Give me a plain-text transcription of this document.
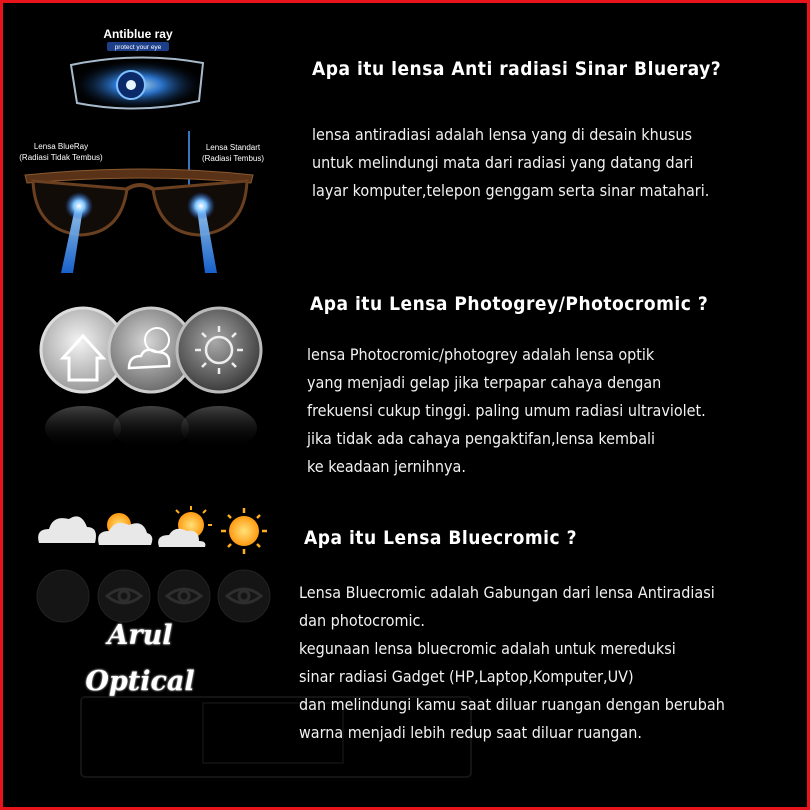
Antiblue ray
protect your eye
Lensa BlueRay
(Radiasi Tidak Tembus)
Lensa Standart
(Radiasi Tembus)
Apa itu lensa Anti radiasi Sinar Blueray?
lensa antiradiasi adalah lensa yang di desain khusus
untuk melindungi mata dari radiasi yang datang dari
layar komputer,telepon genggam serta sinar matahari.
Apa itu Lensa Photogrey/Photocromic ?
lensa Photocromic/photogrey adalah lensa optik
yang menjadi gelap jika terpapar cahaya dengan
frekuensi cukup tinggi. paling umum radiasi ultraviolet.
jika tidak ada cahaya pengaktifan,lensa kembali
ke keadaan jernihnya.
Arul
Optical
Apa itu Lensa Bluecromic ?
Lensa Bluecromic adalah Gabungan dari lensa Antiradiasi
dan photocromic.
kegunaan lensa bluecromic adalah untuk mereduksi
sinar radiasi Gadget (HP,Laptop,Komputer,UV)
dan melindungi kamu saat diluar ruangan dengan berubah
warna menjadi lebih redup saat diluar ruangan.
